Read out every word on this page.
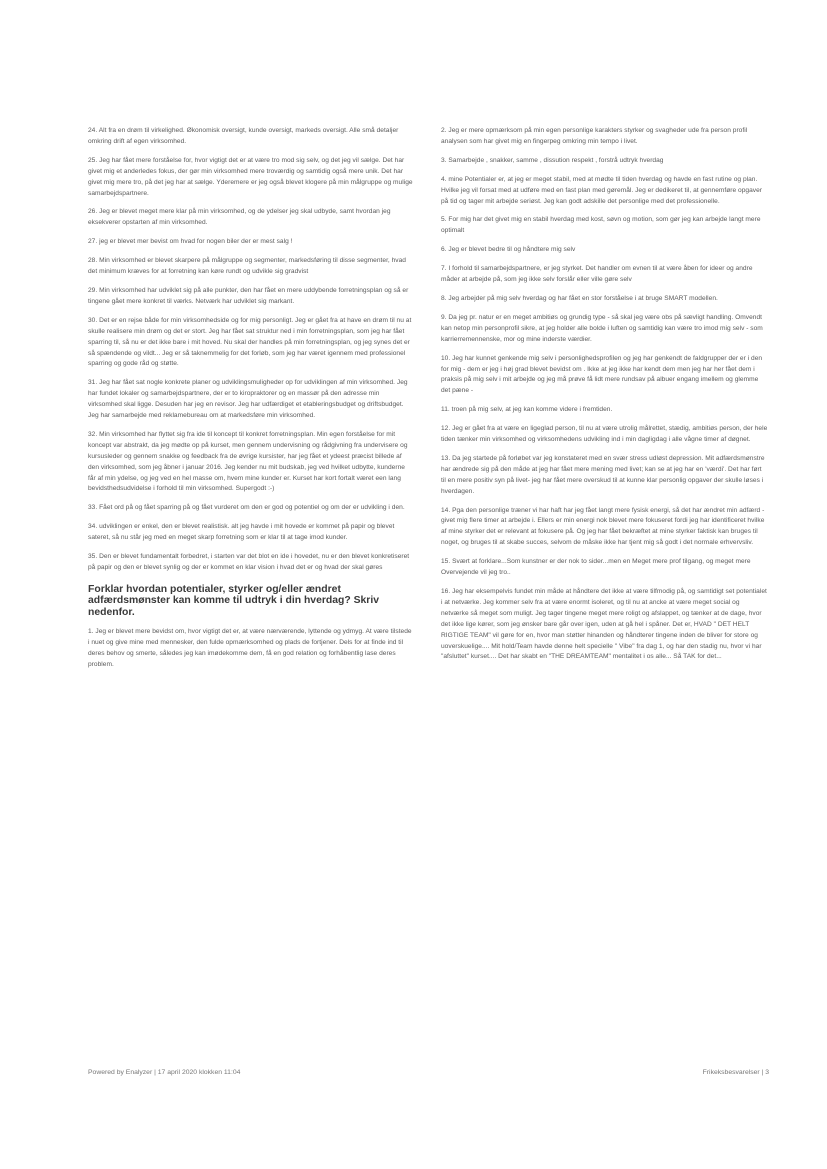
24. Alt fra en drøm til virkelighed. Økonomisk oversigt, kunde oversigt, markeds oversigt. Alle små detaljer omkring drift af egen virksomhed.

25. Jeg har fået mere forståelse for, hvor vigtigt det er at være tro mod sig selv, og det jeg vil sælge. Det har givet mig et anderledes fokus, der gør min virksomhed mere troværdig og samtidig også mere unik. Det har givet mig mere tro, på det jeg har at sælge. Yderemere er jeg også blevet klogere på min målgruppe og mulige samarbejdspartnere.

26. Jeg er blevet meget mere klar på min virksomhed, og de ydelser jeg skal udbyde, samt hvordan jeg eksekverer opstarten af min virksomhed.

27. jeg er blevet mer bevist om hvad for nogen biler der er mest salg !

28. Min virksomhed er blevet skarpere på målgruppe og segmenter, markedsføring til disse segmenter, hvad det minimum kræves for at forretning kan køre rundt og udvikle sig gradvist

29. Min virksomhed har udviklet sig på alle punkter, den har fået en mere uddybende forretningsplan og så er tingene gået mere konkret til værks. Netværk har udviklet sig markant.

30. Det er en rejse både for min virksomhedside og for mig personligt. Jeg er gået fra at have en drøm til nu at skulle realisere min drøm og det er stort. Jeg har fået sat struktur ned i min forretningsplan, som jeg har fået sparring til, så nu er det ikke bare i mit hoved. Nu skal der handles på min forretningsplan, og jeg synes det er så spændende og vildt... Jeg er så taknemmelig for det forløb, som jeg har været igennem med professionel sparring og gode råd og støtte.

31. Jeg har fået sat nogle konkrete planer og udviklingsmuligheder op for udviklingen af min virksomhed. Jeg har fundet lokaler og samarbejdspartnere, der er to kiropraktorer og en massør på den adresse min virksomhed skal ligge. Desuden har jeg en revisor. Jeg har udfærdiget et etableringsbudget og driftsbudget. Jeg har samarbejde med reklamebureau om at markedsføre min virksomhed.

32. Min virksomhed har flyttet sig fra ide til koncept til konkret forretningsplan. Min egen forståelse for mit koncept var abstrakt, da jeg mødte op på kurset, men gennem undervisning og rådgivning fra undervisere og kursusleder og gennem snakke og feedback fra de øvrige kursister, har jeg fået et ydeest præcist billede af den virksomhed, som jeg åbner i januar 2016. Jeg kender nu mit budskab, jeg ved hvilket udbytte, kunderne får af min ydelse, og jeg ved en hel masse om, hvem mine kunder er. Kurset har kort fortalt været een lang bevidsthedsudvidelse i forhold til min virksomhed. Supergodt :-)

33. Fået ord på og fået sparring på og fået vurderet om den er god og potentiel og om der er udvikling i den.

34. udviklingen er enkel, den er blevet realistisk. alt jeg havde i mit hovede er kommet på papir og blevet sateret, så nu står jeg med en meget skarp forretning som er klar til at tage imod kunder.

35. Den er blevet fundamentalt forbedret, i starten var det blot en ide i hovedet, nu er den blevet konkretiseret på papir og den er blevet synlig og der er kommet en klar vision i hvad det er og hvad der skal gøres

Forklar hvordan potentialer, styrker og/eller ændret adfærdsmønster kan komme til udtryk i din hverdag? Skriv nedenfor.

1. Jeg er blevet mere bevidst om, hvor vigtigt det er, at være nærværende, lyttende og ydmyg. At være tilstede i nuet og give mine med mennesker, den fulde opmærksomhed og plads de fortjener. Dels for at finde ind til deres behov og smerte, således jeg kan imødekomme dem, få en god relation og forhåbentlig lase deres problem.

2. Jeg er mere opmærksom på min egen personlige karakters styrker og svagheder ude fra person profil analysen som har givet mig en fingerpeg omkring min tempo i livet.

3. Samarbejde , snakker, samme , dissution respekt , forstrå udtryk hverdag

4. mine Potentialer er, at jeg er meget stabil, med at mødte til tiden hverdag og havde en fast rutine og plan. Hvilke jeg vil forsat med at udføre med en fast plan med gøremål. Jeg er dedikeret til, at gennemføre opgaver på tid og tager mit arbejde seriøst. Jeg kan godt adskille det personlige med det professionelle.

5. For mig har det givet mig en stabil hverdag med kost, søvn og motion, som gør jeg kan arbejde langt mere optimalt

6. Jeg er blevet bedre til og håndtere mig selv

7. I forhold til samarbejdspartnere, er jeg styrket. Det handler om evnen til at være åben for ideer og andre måder at arbejde på, som jeg ikke selv forslår eller ville gøre selv

8. Jeg arbejder på mig selv hverdag og har fået en stor forståelse i at bruge SMART modellen.

9. Da jeg pr. natur er en meget ambitiøs og grundig type - så skal jeg være obs på sævligt handling. Omvendt kan netop min personprofil sikre, at jeg holder alle bolde i luften og samtidig kan være tro imod mig selv - som karrierremennenske, mor og mine inderste værdier.

10. Jeg har kunnet genkende mig selv i personlighedsprofilen og jeg har genkendt de faldgrupper der er i den for mig - dem er jeg i høj grad blevet bevidst om . Ikke at jeg ikke har kendt dem men jeg har her fået dem i praksis på mig selv i mit arbejde og jeg må prøve få lidt mere rundsav på albuer engang imellem og glemme det pæne -

11. troen på mig selv, at jeg kan komme videre i fremtiden.

12. Jeg er gået fra at være en ligeglad person, til nu at være utrolig målrettet, stædig, ambitiøs person, der hele tiden tænker min virksomhed og virksomhedens udvikling ind i min dagligdag i alle vågne timer af døgnet.

13. Da jeg startede på forløbet var jeg konstateret med en svær stress udløst depression. Mit adfærdsmønstre har ændrede sig på den måde at jeg har fået mere mening med livet; kan se at jeg har en 'værdi'. Det har ført til en mere positiv syn på livet- jeg har fået mere overskud til at kunne klar personlig opgaver der skulle løses i hverdagen.

14. Pga den personlige træner vi har haft har jeg fået langt mere fysisk energi, så det har ændret min adfærd - givet mig flere timer at arbejde i. Ellers er min energi nok blevet mere fokuseret fordi jeg har identificeret hvilke af mine styrker det er relevant at fokusere på. Og jeg har fået bekræftet at mine styrker faktisk kan bruges til noget, og bruges til at skabe succes, selvom de måske ikke har tjent mig så godt i det normale erhvervsliv.

15. Svært at forklare...Som kunstner er der nok to sider...men en Meget mere prof tilgang, og meget mere Overvejende vil jeg tro..

16. Jeg har eksempelvis fundet min måde at håndtere det ikke at være tilfmodig på, og samtidigt set potentialet i at netværke. Jeg kommer selv fra at være enormt isoleret, og til nu at ancke at være meget social og netværke så meget som muligt. Jeg tager tingene meget mere roligt og afslappet, og tænker at de dage, hvor det ikke lige kører, som jeg ønsker bare går over igen, uden at gå hel i spåner. Det er, HVAD " DET HELT RIGTIGE TEAM" vil gøre for en, hvor man støtter hinanden og håndterer tingene inden de bliver for store og uoverskuelige.... Mit hold/Team havde denne helt specielle " Vibe" fra dag 1, og har den stadig nu, hvor vi har "afsluttet" kurset.... Det har skabt en "THE DREAMTEAM" mentalitet i os alle... Så TAK for det...

Powered by Enalyzer | 17 april 2020 klokken 11:04	Frikeksbesvarelser | 3
